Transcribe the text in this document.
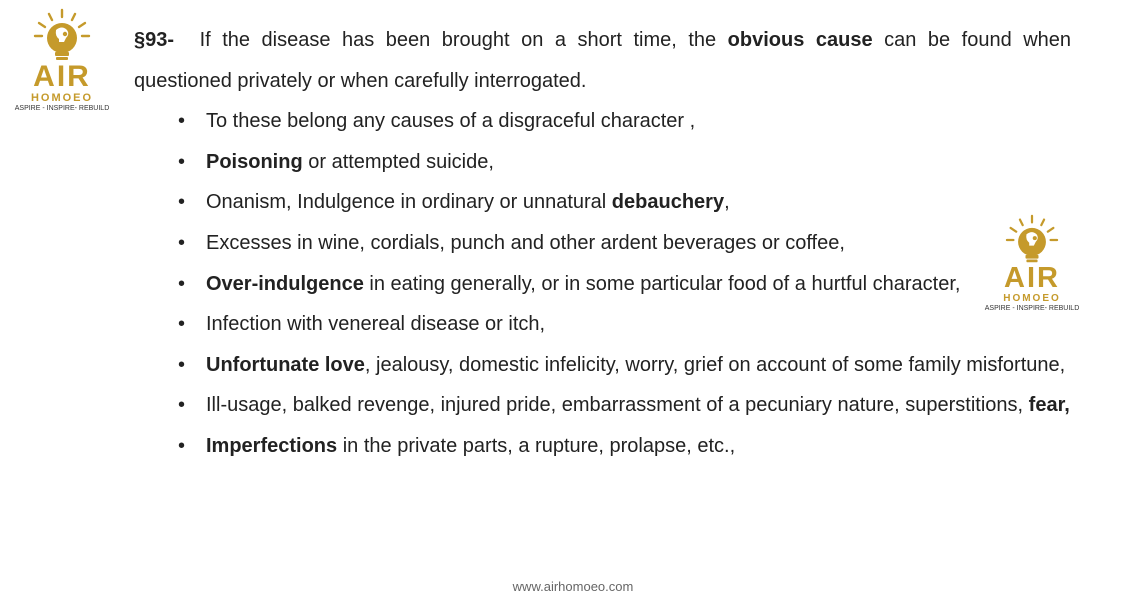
AIR
HOMOEO
ASPIRE - INSPIRE- REBUILD
AIR
HOMOEO
ASPIRE - INSPIRE- REBUILD

§93- If the disease has been brought on a short time, the obvious cause can be found when questioned privately or when carefully interrogated.

• To these belong any causes of a disgraceful character ,
• Poisoning or attempted suicide,
• Onanism, Indulgence in ordinary or unnatural debauchery,
• Excesses in wine, cordials, punch and other ardent beverages or coffee,
• Over-indulgence in eating generally, or in some particular food of a hurtful character,
• Infection with venereal disease or itch,
• Unfortunate love, jealousy, domestic infelicity, worry, grief on account of some family misfortune,
• Ill-usage, balked revenge, injured pride, embarrassment of a pecuniary nature, superstitions, fear,
• Imperfections in the private parts, a rupture, prolapse, etc.,
www.airhomoeo.com
